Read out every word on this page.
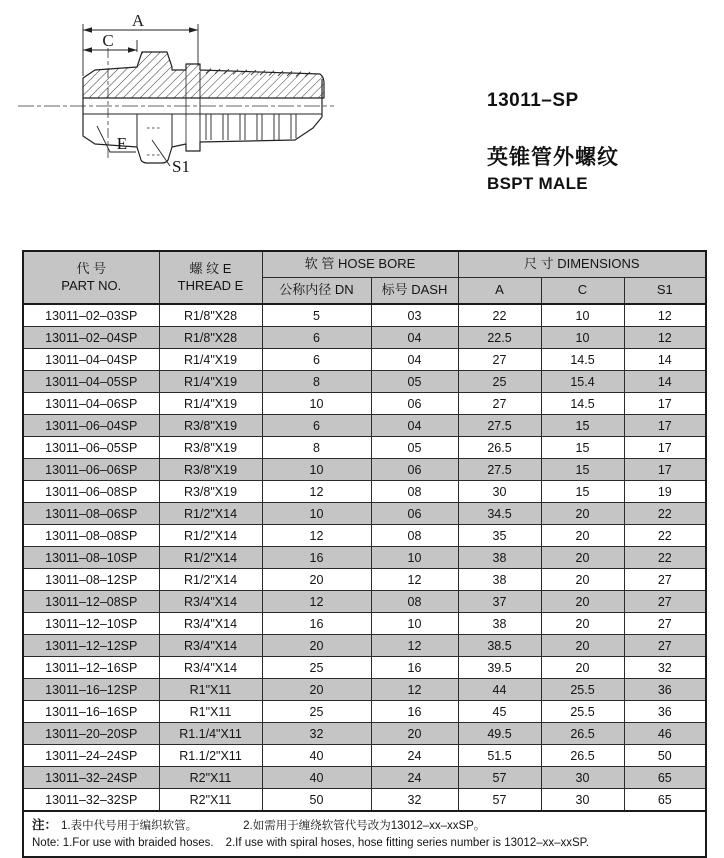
A
C
E
S1
13011–SP
英锥管外螺纹
BSPT MALE
代 号
PART NO.

螺 纹 E
THREAD E
	软 管 HOSE BORE	尺 寸 DIMENSIONS
		公称内径 DN	标号 DASH	A	C	S1
13011–02–03SP	R1/8"X28	5	03	22	10	12
13011–02–04SP	R1/8"X28	6	04	22.5	10	12
13011–04–04SP	R1/4"X19	6	04	27	14.5	14
13011–04–05SP	R1/4"X19	8	05	25	15.4	14
13011–04–06SP	R1/4"X19	10	06	27	14.5	17
13011–06–04SP	R3/8"X19	6	04	27.5	15	17
13011–06–05SP	R3/8"X19	8	05	26.5	15	17
13011–06–06SP	R3/8"X19	10	06	27.5	15	17
13011–06–08SP	R3/8"X19	12	08	30	15	19
13011–08–06SP	R1/2"X14	10	06	34.5	20	22
13011–08–08SP	R1/2"X14	12	08	35	20	22
13011–08–10SP	R1/2"X14	16	10	38	20	22
13011–08–12SP	R1/2"X14	20	12	38	20	27
13011–12–08SP	R3/4"X14	12	08	37	20	27
13011–12–10SP	R3/4"X14	16	10	38	20	27
13011–12–12SP	R3/4"X14	20	12	38.5	20	27
13011–12–16SP	R3/4"X14	25	16	39.5	20	32
13011–16–12SP	R1"X11	20	12	44	25.5	36
13011–16–16SP	R1"X11	25	16	45	25.5	36
13011–20–20SP	R1.1/4"X11	32	20	49.5	26.5	46
13011–24–24SP	R1.1/2"X11	40	24	51.5	26.5	50
13011–32–24SP	R2"X11	40	24	57	30	65
13011–32–32SP	R2"X11	50	32	57	30	65

注： 1.表中代号用于编织软管。 2.如需用于缠绕软管代号改为13012–xx–xxSP。
Note: 1.For use with braided hoses. 2.If use with spiral hoses, hose fitting series number is 13012–xx–xxSP.						
